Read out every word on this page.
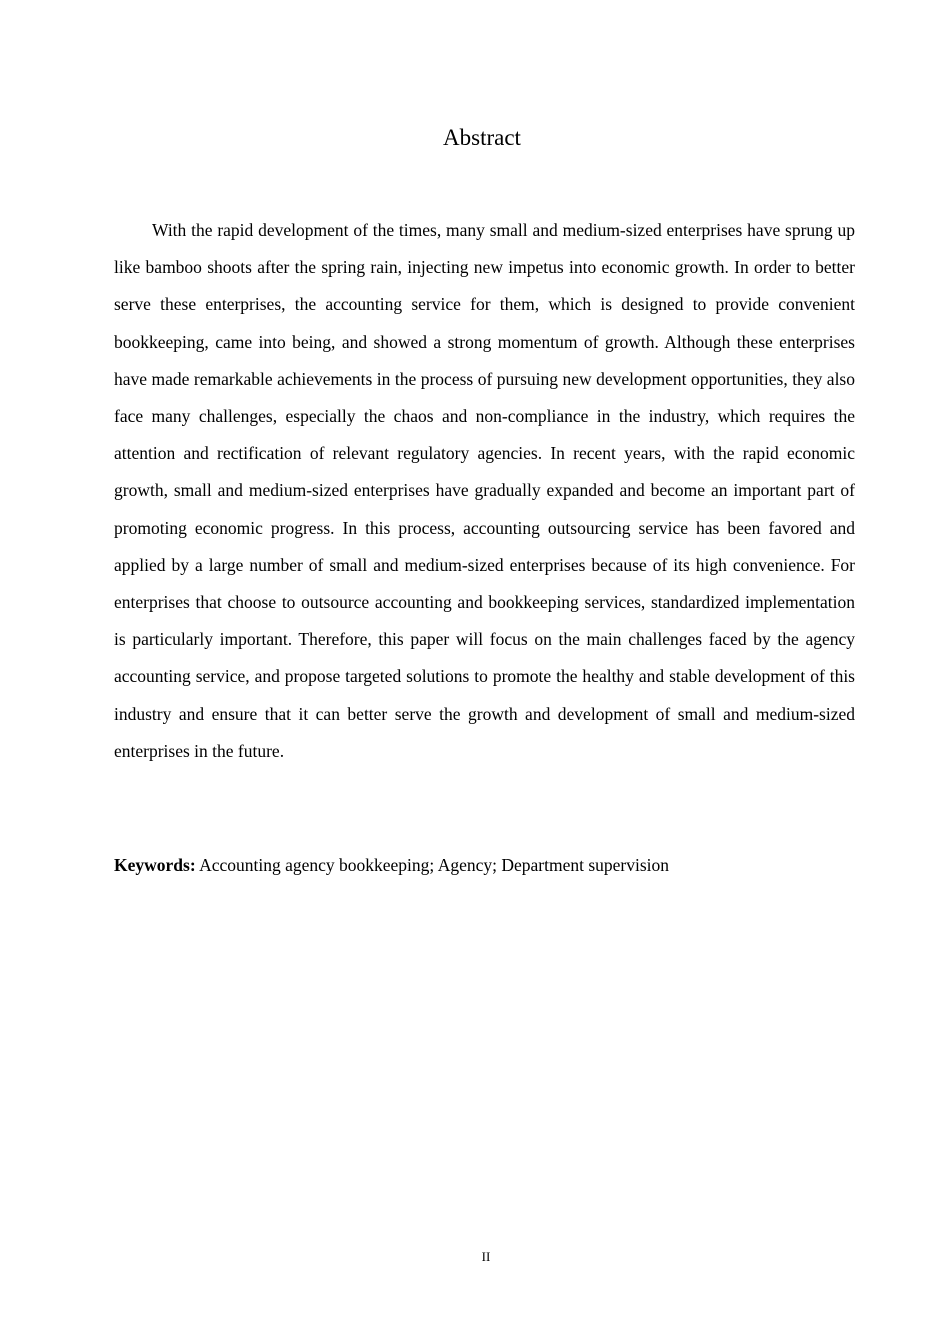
Abstract

With the rapid development of the times, many small and medium-sized enterprises have sprung up like bamboo shoots after the spring rain, injecting new impetus into economic growth. In order to better serve these enterprises, the accounting service for them, which is designed to provide convenient bookkeeping, came into being, and showed a strong momentum of growth. Although these enterprises have made remarkable achievements in the process of pursuing new development opportunities, they also face many challenges, especially the chaos and non-compliance in the industry, which requires the attention and rectification of relevant regulatory agencies. In recent years, with the rapid economic growth, small and medium-sized enterprises have gradually expanded and become an important part of promoting economic progress. In this process, accounting outsourcing service has been favored and applied by a large number of small and medium-sized enterprises because of its high convenience. For enterprises that choose to outsource accounting and bookkeeping services, standardized implementation is particularly important. Therefore, this paper will focus on the main challenges faced by the agency accounting service, and propose targeted solutions to promote the healthy and stable development of this industry and ensure that it can better serve the growth and development of small and medium-sized enterprises in the future.

Keywords: Accounting agency bookkeeping; Agency; Department supervision

II
